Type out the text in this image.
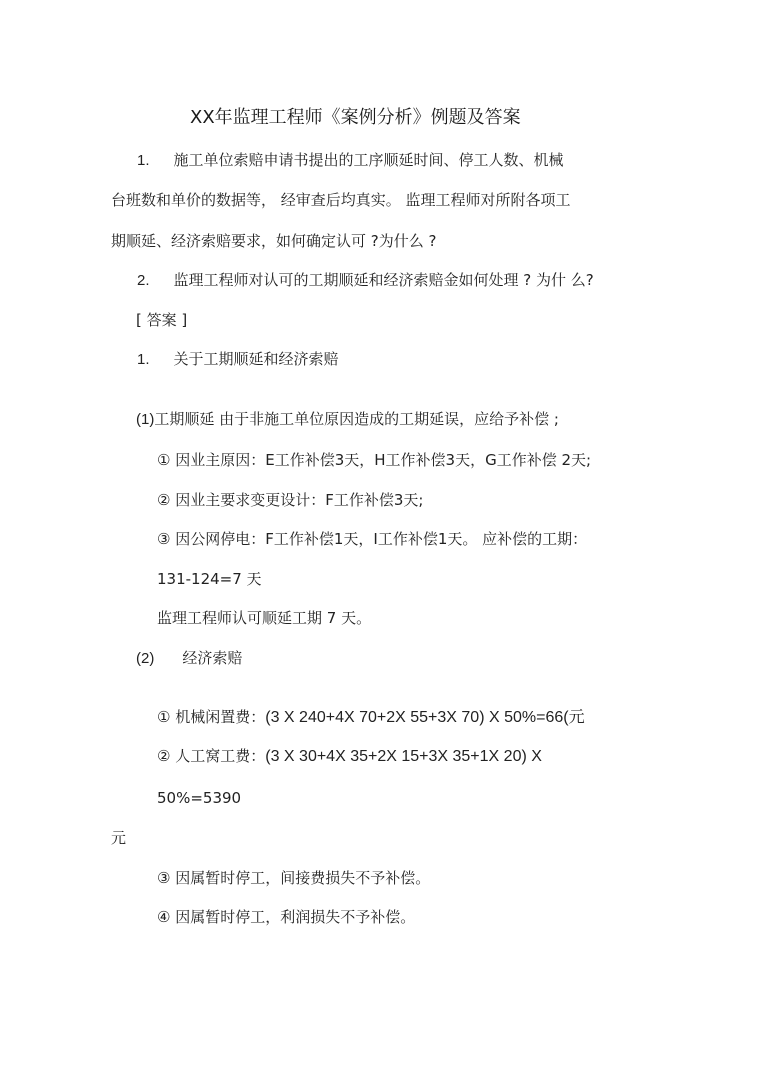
XX年监理工程师《案例分析》例题及答案
1. 施工单位索赔申请书提出的工序顺延时间、停工人数、机械
台班数和单价的数据等， 经审查后均真实。 监理工程师对所附各项工
期顺延、经济索赔要求，如何确定认可 ?为什么 ?
2. 监理工程师对认可的工期顺延和经济索赔金如何处理 ? 为什 么?
[ 答案 ]
1. 关于工期顺延和经济索赔
(1)工期顺延 由于非施工单位原因造成的工期延误，应给予补偿 ;
① 因业主原因：E工作补偿3天，H工作补偿3天，G工作补偿 2天;
② 因业主要求变更设计：F工作补偿3天;
③ 因公网停电：F工作补偿1天，I工作补偿1天。 应补偿的工期：
131-124=7 天
监理工程师认可顺延工期 7 天。
(2) 经济索赔
① 机械闲置费：(3 X 240+4X 70+2X 55+3X 70) X 50%=66(元
② 人工窝工费：(3 X 30+4X 35+2X 15+3X 35+1X 20) X
50%=5390
元
③ 因属暂时停工，间接费损失不予补偿。
④ 因属暂时停工，利润损失不予补偿。
